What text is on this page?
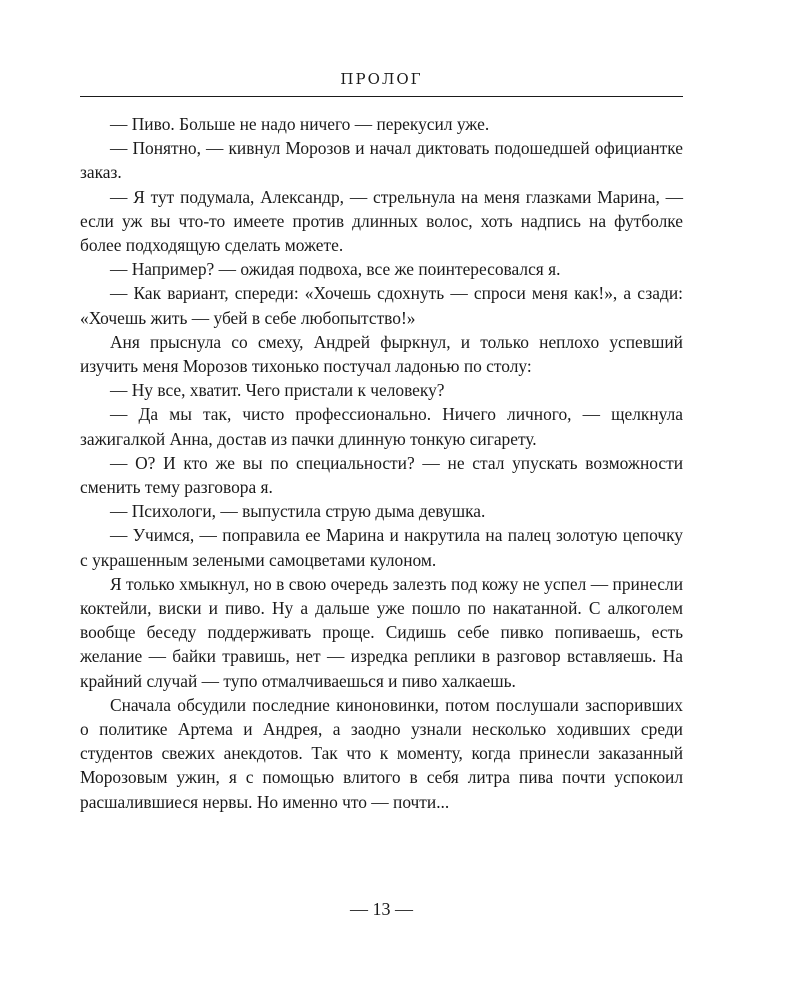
ПРОЛОГ

— Пиво. Больше не надо ничего — перекусил уже.

— Понятно, — кивнул Морозов и начал диктовать подошедшей официантке заказ.

— Я тут подумала, Александр, — стрельнула на меня глазками Марина, — если уж вы что-то имеете против длинных волос, хоть надпись на футболке более подходящую сделать можете.

— Например? — ожидая подвоха, все же поинтересовался я.

— Как вариант, спереди: «Хочешь сдохнуть — спроси меня как!», а сзади: «Хочешь жить — убей в себе любопытство!»

Аня прыснула со смеху, Андрей фыркнул, и только неплохо успевший изучить меня Морозов тихонько постучал ладонью по столу:

— Ну все, хватит. Чего пристали к человеку?

— Да мы так, чисто профессионально. Ничего личного, — щелкнула зажигалкой Анна, достав из пачки длинную тонкую сигарету.

— О? И кто же вы по специальности? — не стал упускать возможности сменить тему разговора я.

— Психологи, — выпустила струю дыма девушка.

— Учимся, — поправила ее Марина и накрутила на палец золотую цепочку с украшенным зелеными самоцветами кулоном.

Я только хмыкнул, но в свою очередь залезть под кожу не успел — принесли коктейли, виски и пиво. Ну а дальше уже пошло по накатанной. С алкоголем вообще беседу поддерживать проще. Сидишь себе пивко попиваешь, есть желание — байки травишь, нет — изредка реплики в разговор вставляешь. На крайний случай — тупо отмалчиваешься и пиво халкаешь.

Сначала обсудили последние киноновинки, потом послушали заспоривших о политике Артема и Андрея, а заодно узнали несколько ходивших среди студентов свежих анекдотов. Так что к моменту, когда принесли заказанный Морозовым ужин, я с помощью влитого в себя литра пива почти успокоил расшалившиеся нервы. Но именно что — почти...

— 13 —
